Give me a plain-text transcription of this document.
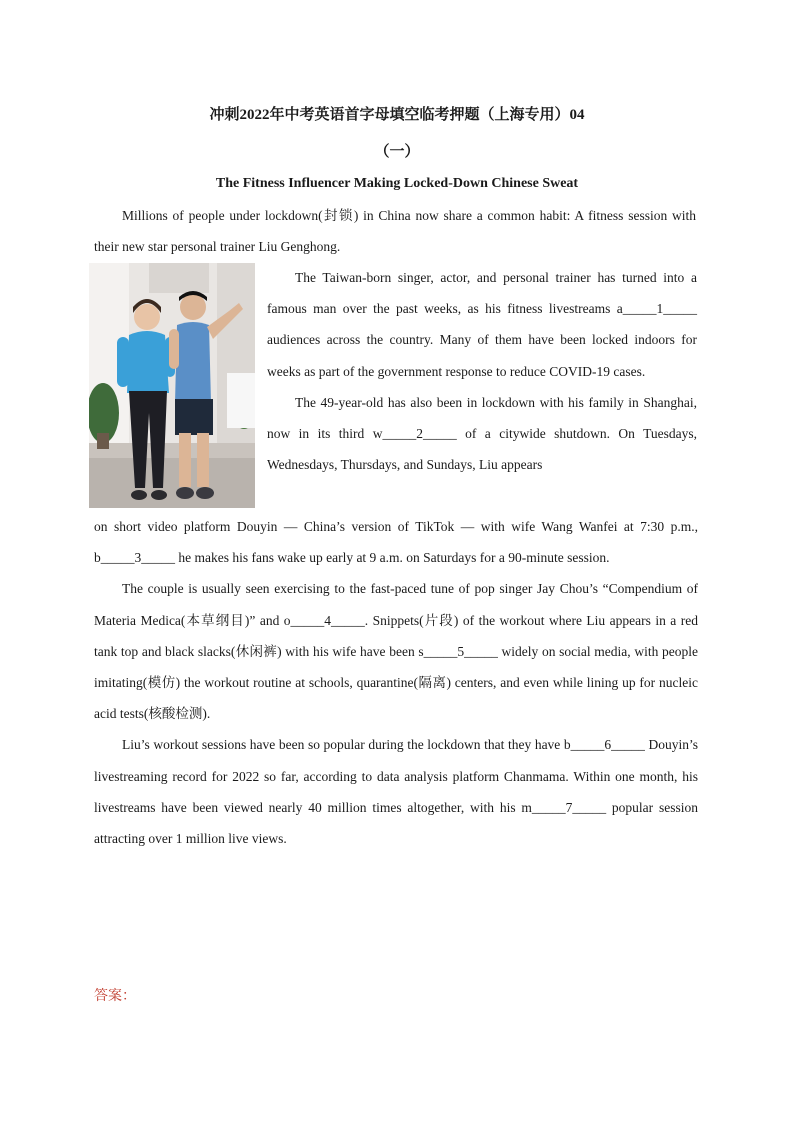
冲刺2022年中考英语首字母填空临考押题（上海专用）04
（一）
The Fitness Influencer Making Locked-Down Chinese Sweat

Millions of people under lockdown(封锁) in China now share a common habit: A fitness session with their new star personal trainer Liu Genghong.

The Taiwan-born singer, actor, and personal trainer has turned into a famous man over the past weeks, as his fitness livestreams a_____1_____ audiences across the country. Many of them have been locked indoors for weeks as part of the government response to reduce COVID-19 cases.

The 49-year-old has also been in lockdown with his family in Shanghai, now in its third w_____2_____ of a citywide shutdown. On Tuesdays, Wednesdays, Thursdays, and Sundays, Liu appears

on short video platform Douyin — China’s version of TikTok — with wife Wang Wanfei at 7:30 p.m., b_____3_____ he makes his fans wake up early at 9 a.m. on Saturdays for a 90-minute session.

The couple is usually seen exercising to the fast-paced tune of pop singer Jay Chou’s “Compendium of Materia Medica(本草纲目)” and o_____4_____. Snippets(片段) of the workout where Liu appears in a red tank top and black slacks(休闲裤) with his wife have been s_____5_____ widely on social media, with people imitating(模仿) the workout routine at schools, quarantine(隔离) centers, and even while lining up for nucleic acid tests(核酸检测).

Liu’s workout sessions have been so popular during the lockdown that they have b_____6_____ Douyin’s livestreaming record for 2022 so far, according to data analysis platform Chanmama. Within one month, his livestreams have been viewed nearly 40 million times altogether, with his m_____7_____ popular session attracting over 1 million live views.

答案：
